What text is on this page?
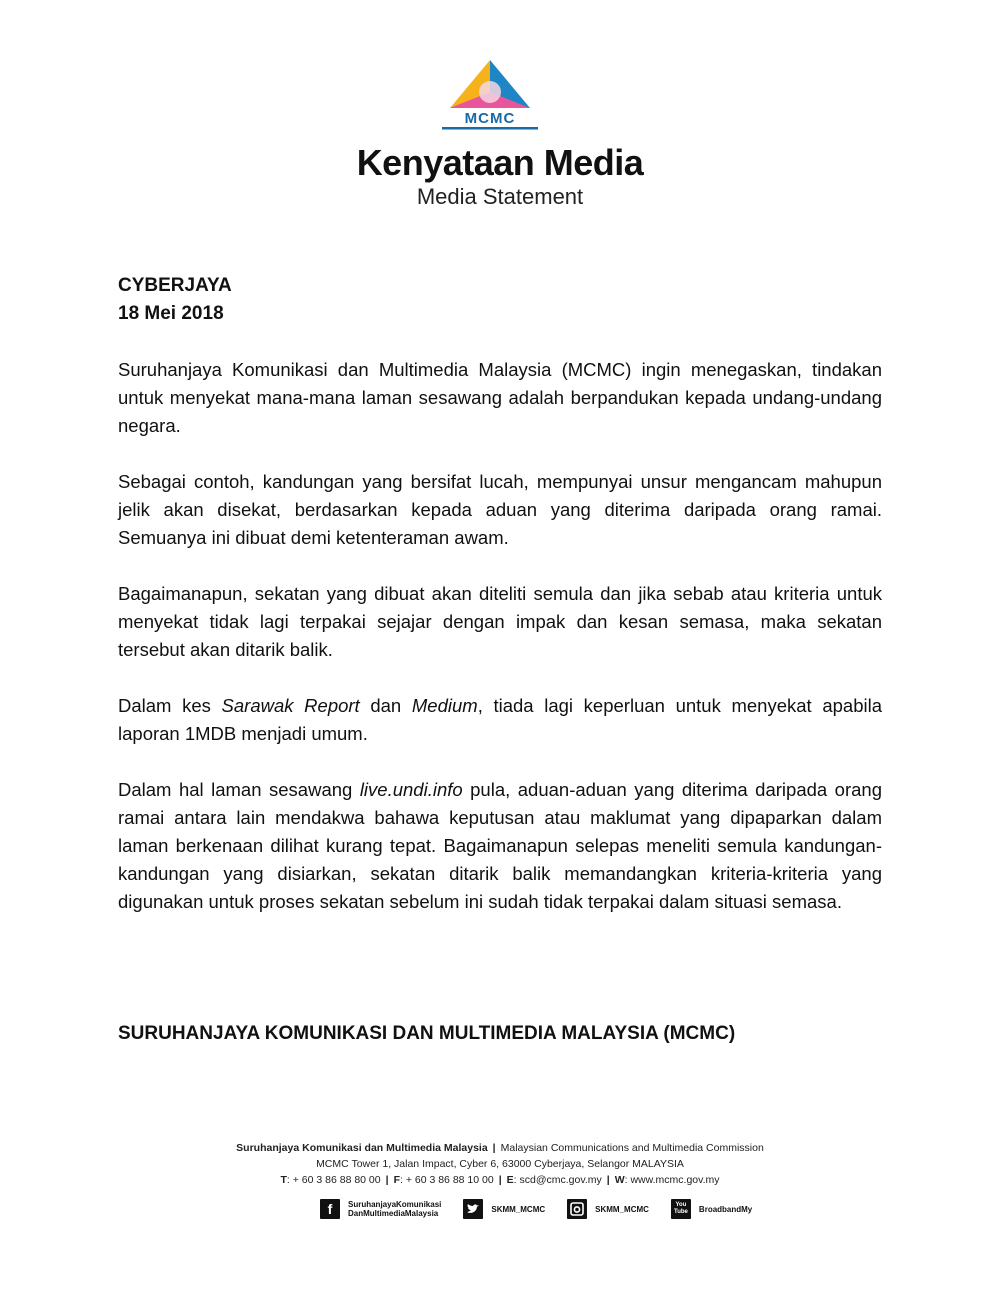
MCMC
Kenyataan Media
Media Statement
CYBERJAYA
18 Mei 2018

Suruhanjaya Komunikasi dan Multimedia Malaysia (MCMC) ingin menegaskan, tindakan untuk menyekat mana-mana laman sesawang adalah berpandukan kepada undang-undang negara.

Sebagai contoh, kandungan yang bersifat lucah, mempunyai unsur mengancam mahupun jelik akan disekat, berdasarkan kepada aduan yang diterima daripada orang ramai. Semuanya ini dibuat demi ketenteraman awam.

Bagaimanapun, sekatan yang dibuat akan diteliti semula dan jika sebab atau kriteria untuk menyekat tidak lagi terpakai sejajar dengan impak dan kesan semasa, maka sekatan tersebut akan ditarik balik.

Dalam kes Sarawak Report dan Medium, tiada lagi keperluan untuk menyekat apabila laporan 1MDB menjadi umum.

Dalam hal laman sesawang live.undi.info pula, aduan-aduan yang diterima daripada orang ramai antara lain mendakwa bahawa keputusan atau maklumat yang dipaparkan dalam laman berkenaan dilihat kurang tepat. Bagaimanapun selepas meneliti semula kandungan-kandungan yang disiarkan, sekatan ditarik balik memandangkan kriteria-kriteria yang digunakan untuk proses sekatan sebelum ini sudah tidak terpakai dalam situasi semasa.

SURUHANJAYA KOMUNIKASI DAN MULTIMEDIA MALAYSIA (MCMC)
Suruhanjaya Komunikasi dan Multimedia Malaysia | Malaysian Communications and Multimedia Commission
MCMC Tower 1, Jalan Impact, Cyber 6, 63000 Cyberjaya, Selangor MALAYSIA
T: + 60 3 86 88 80 00 | F: + 60 3 86 88 10 00 | E: scd@cmc.gov.my | W: www.mcmc.gov.my
f	SuruhanjayaKomunikasi
DanMultimediaMalaysia	SKMM_MCMC	SKMM_MCMC	You Tube	BroadbandMy
